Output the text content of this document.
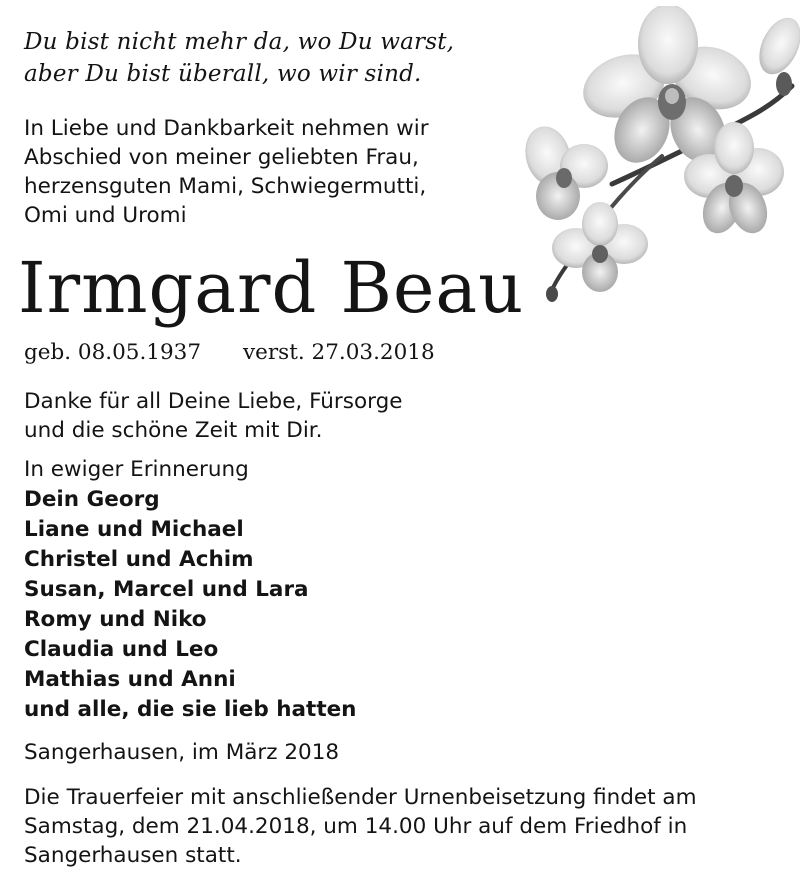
Du bist nicht mehr da, wo Du warst,
aber Du bist überall, wo wir sind.
In Liebe und Dankbarkeit nehmen wir
Abschied von meiner geliebten Frau,
herzensguten Mami, Schwiegermutti,
Omi und Uromi
Irmgard Beau
geb. 08.05.1937 verst. 27.03.2018
Danke für all Deine Liebe, Fürsorge
und die schöne Zeit mit Dir.
In ewiger Erinnerung
Dein Georg
Liane und Michael
Christel und Achim
Susan, Marcel und Lara
Romy und Niko
Claudia und Leo
Mathias und Anni
und alle, die sie lieb hatten
Sangerhausen, im März 2018
Die Trauerfeier mit anschließender Urnenbeisetzung findet am
Samstag, dem 21.04.2018, um 14.00 Uhr auf dem Friedhof in
Sangerhausen statt.
